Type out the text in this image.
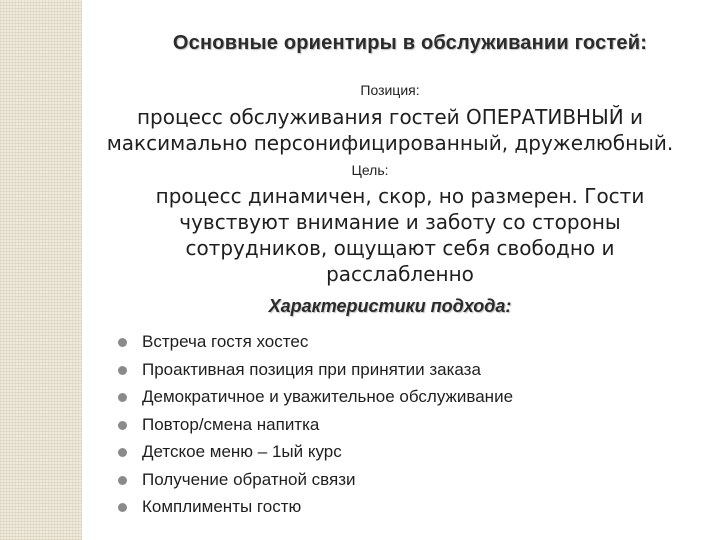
Основные ориентиры в обслуживании гостей:
Позиция:
процесс обслуживания гостей ОПЕРАТИВНЫЙ и
максимально персонифицированный, дружелюбный.
Цель:
процесс динамичен, скор, но размерен. Гости
чувствуют внимание и заботу со стороны
сотрудников, ощущают себя свободно и
расслабленно
Характеристики подхода:
Встреча гостя хостес
Проактивная позиция при принятии заказа
Демократичное и уважительное обслуживание
Повтор/смена напитка
Детское меню – 1ый курс
Получение обратной связи
Комплименты гостю
